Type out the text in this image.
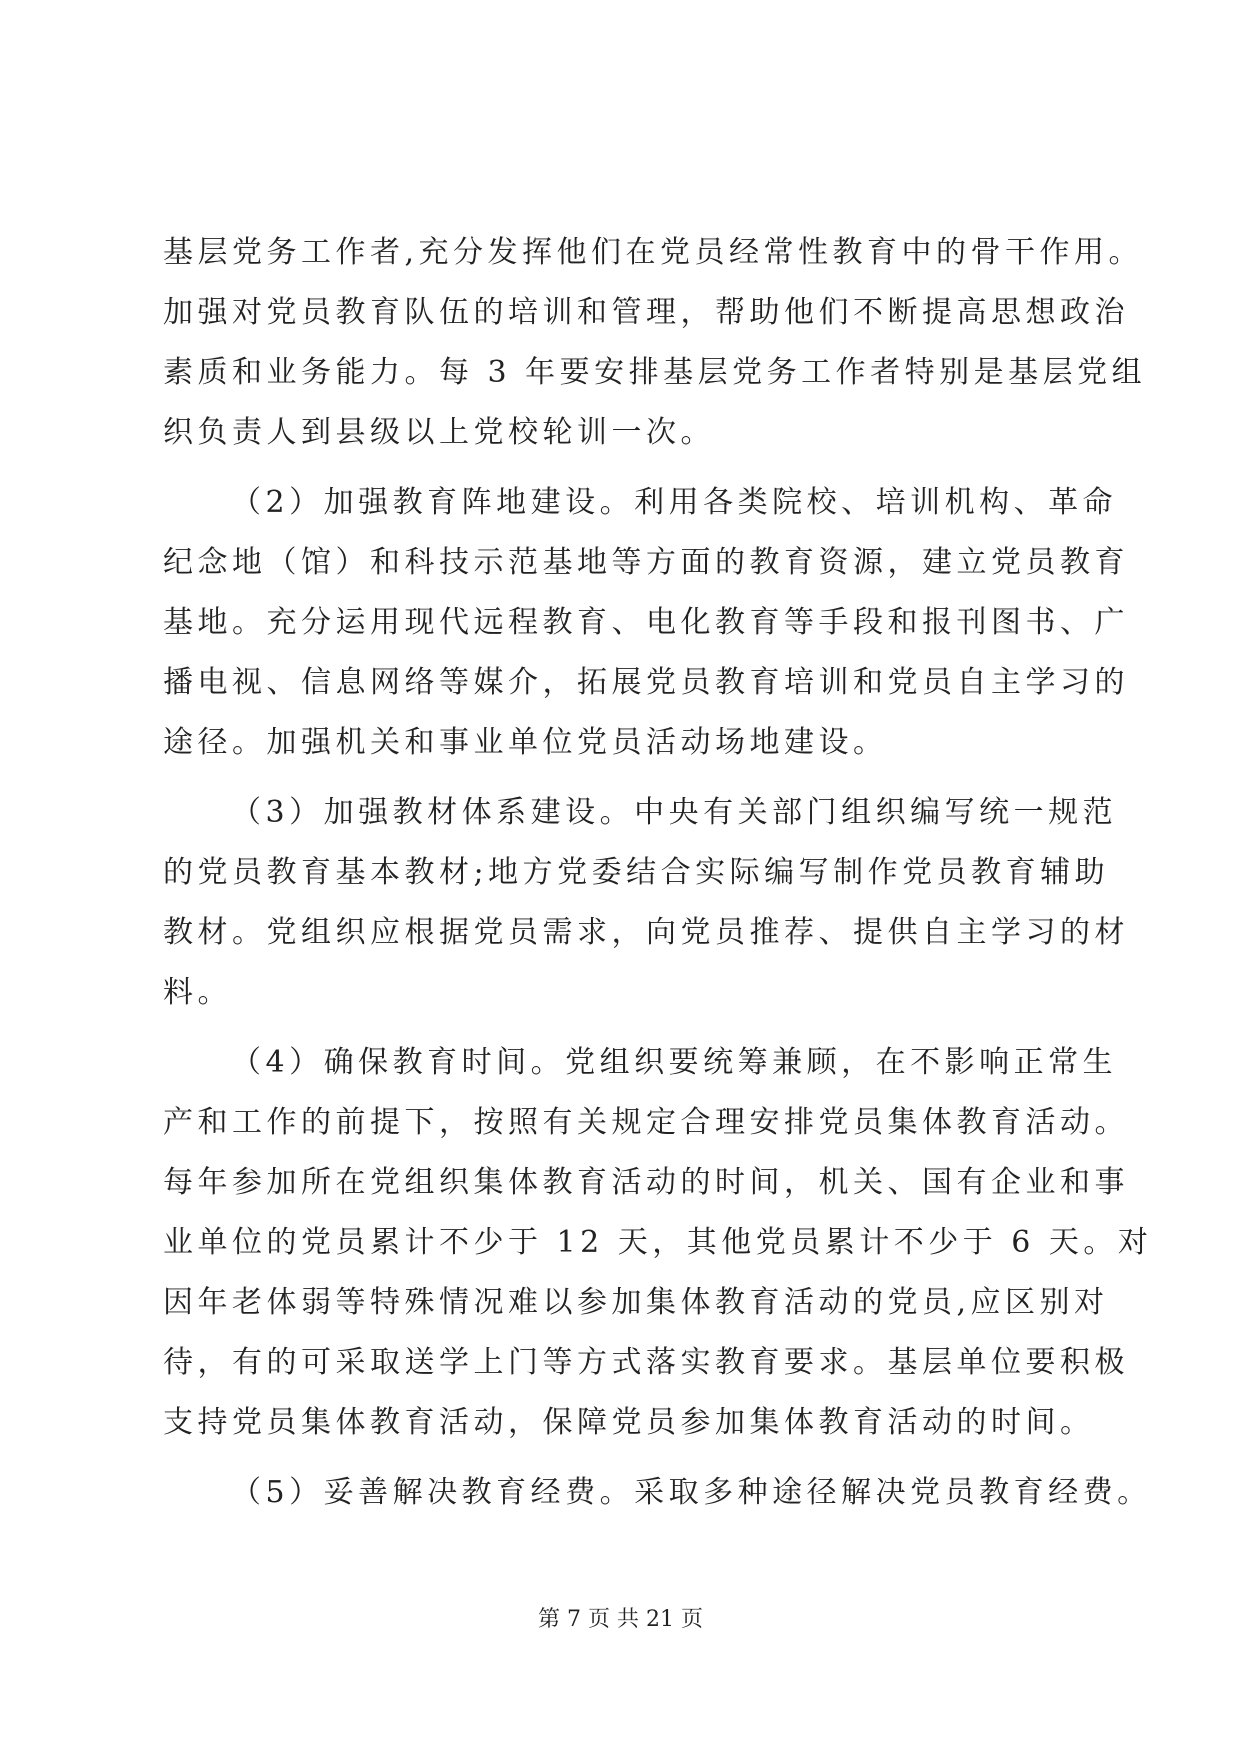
基层党务工作者,充分发挥他们在党员经常性教育中的骨干作用。
加强对党员教育队伍的培训和管理，帮助他们不断提高思想政治
素质和业务能力。每 3 年要安排基层党务工作者特别是基层党组
织负责人到县级以上党校轮训一次。
（2）加强教育阵地建设。利用各类院校、培训机构、革命
纪念地（馆）和科技示范基地等方面的教育资源，建立党员教育
基地。充分运用现代远程教育、电化教育等手段和报刊图书、广
播电视、信息网络等媒介，拓展党员教育培训和党员自主学习的
途径。加强机关和事业单位党员活动场地建设。
（3）加强教材体系建设。中央有关部门组织编写统一规范
的党员教育基本教材;地方党委结合实际编写制作党员教育辅助
教材。党组织应根据党员需求，向党员推荐、提供自主学习的材
料。
（4）确保教育时间。党组织要统筹兼顾，在不影响正常生
产和工作的前提下，按照有关规定合理安排党员集体教育活动。
每年参加所在党组织集体教育活动的时间，机关、国有企业和事
业单位的党员累计不少于 12 天，其他党员累计不少于 6 天。对
因年老体弱等特殊情况难以参加集体教育活动的党员,应区别对
待，有的可采取送学上门等方式落实教育要求。基层单位要积极
支持党员集体教育活动，保障党员参加集体教育活动的时间。
（5）妥善解决教育经费。采取多种途径解决党员教育经费。
第 7 页 共 21 页
